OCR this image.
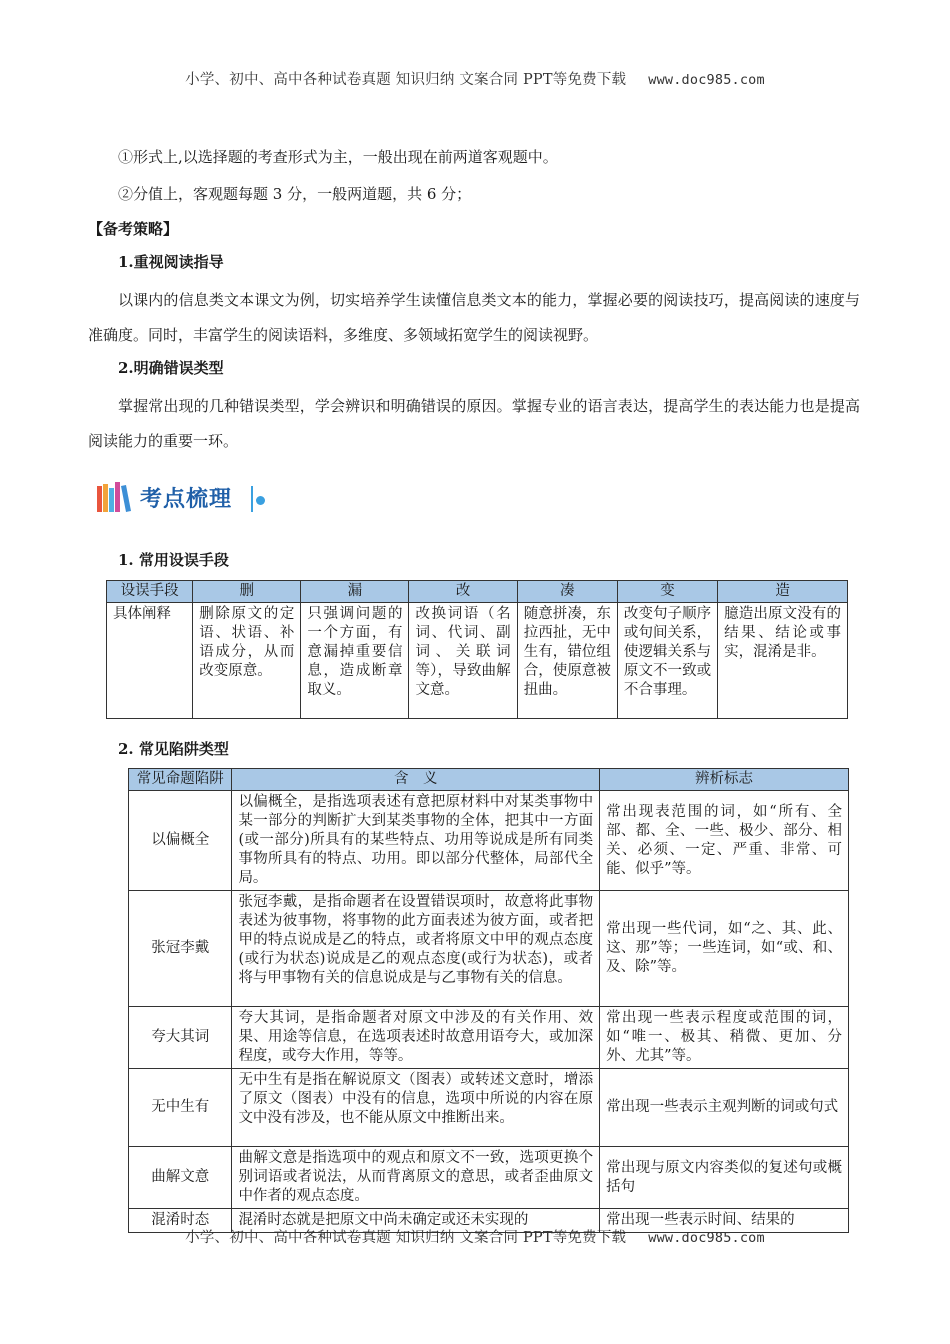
小学、初中、高中各种试卷真题 知识归纳 文案合同 PPT等免费下载 www.doc985.com
①形式上,以选择题的考查形式为主，一般出现在前两道客观题中。
②分值上，客观题每题 3 分，一般两道题，共 6 分；
【备考策略】
1.重视阅读指导
以课内的信息类文本课文为例，切实培养学生读懂信息类文本的能力，掌握必要的阅读技巧，提高阅读的速度与准确度。同时，丰富学生的阅读语料，多维度、多领域拓宽学生的阅读视野。
2.明确错误类型
掌握常出现的几种错误类型，学会辨识和明确错误的原因。掌握专业的语言表达，提高学生的表达能力也是提高阅读能力的重要一环。
考点梳理
1. 常用设误手段
设误手段	删	漏	改	凑	变	造
具体阐释	删除原文的定语、状语、补语成分，从而改变原意。	只强调问题的一个方面，有意漏掉重要信息，造成断章取义。	改换词语（名词、代词、副词、关联词等），导致曲解文意。	随意拼凑，东拉西扯，无中生有，错位组合，使原意被扭曲。	改变句子顺序或句间关系，使逻辑关系与原文不一致或不合事理。	臆造出原文没有的结果、结论或事实，混淆是非。
2. 常见陷阱类型
常见命题陷阱	含　义	辨析标志
以偏概全	以偏概全，是指选项表述有意把原材料中对某类事物中某一部分的判断扩大到某类事物的全体，把其中一方面(或一部分)所具有的某些特点、功用等说成是所有同类事物所具有的特点、功用。即以部分代整体，局部代全局。	常出现表范围的词，如“所有、全部、都、全、一些、极少、部分、相关、必须、一定、严重、非常、可能、似乎”等。
张冠李戴	张冠李戴，是指命题者在设置错误项时，故意将此事物表述为彼事物，将事物的此方面表述为彼方面，或者把甲的特点说成是乙的特点，或者将原文中甲的观点态度(或行为状态)说成是乙的观点态度(或行为状态)，或者将与甲事物有关的信息说成是与乙事物有关的信息。	常出现一些代词，如“之、其、此、这、那”等；一些连词，如“或、和、及、除”等。
夸大其词	夸大其词，是指命题者对原文中涉及的有关作用、效果、用途等信息，在选项表述时故意用语夸大，或加深程度，或夸大作用，等等。	常出现一些表示程度或范围的词，如“唯一、极其、稍微、更加、分外、尤其”等。
无中生有	无中生有是指在解说原文（图表）或转述文意时，增添了原文（图表）中没有的信息，选项中所说的内容在原文中没有涉及，也不能从原文中推断出来。	常出现一些表示主观判断的词或句式
曲解文意	曲解文意是指选项中的观点和原文不一致，选项更换个别词语或者说法，从而背离原文的意思，或者歪曲原文中作者的观点态度。	常出现与原文内容类似的复述句或概括句
混淆时态	混淆时态就是把原文中尚未确定或还未实现的	常出现一些表示时间、结果的
小学、初中、高中各种试卷真题 知识归纳 文案合同 PPT等免费下载 www.doc985.com
